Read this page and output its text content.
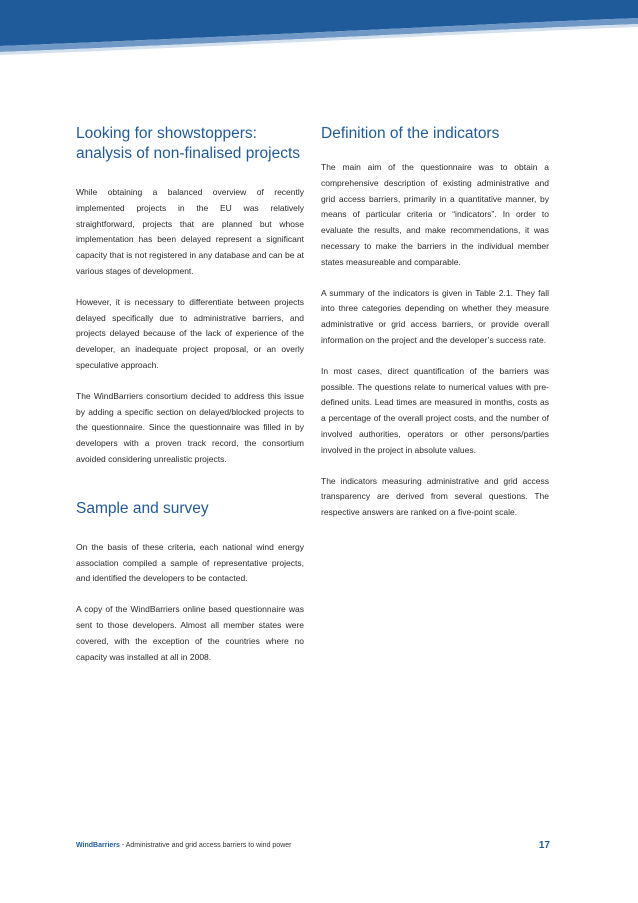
Looking for showstoppers:
analysis of non-finalised projects

While obtaining a balanced overview of recently implemented projects in the EU was relatively straightforward, projects that are planned but whose implementation has been delayed represent a significant capacity that is not registered in any database and can be at various stages of development.

However, it is necessary to differentiate between projects delayed specifically due to administrative barriers, and projects delayed because of the lack of experience of the developer, an inadequate project proposal, or an overly speculative approach.

The WindBarriers consortium decided to address this issue by adding a specific section on delayed/blocked projects to the questionnaire. Since the questionnaire was filled in by developers with a proven track record, the consortium avoided considering unrealistic projects.

Sample and survey

On the basis of these criteria, each national wind energy association compiled a sample of representative projects, and identified the developers to be contacted.

A copy of the WindBarriers online based questionnaire was sent to those developers. Almost all member states were covered, with the exception of the countries where no capacity was installed at all in 2008.

Definition of the indicators

The main aim of the questionnaire was to obtain a comprehensive description of existing administrative and grid access barriers, primarily in a quantitative manner, by means of particular criteria or “indicators”. In order to evaluate the results, and make recommendations, it was necessary to make the barriers in the individual member states measureable and comparable.

A summary of the indicators is given in Table 2.1. They fall into three categories depending on whether they measure administrative or grid access barriers, or provide overall information on the project and the developer’s success rate.

In most cases, direct quantification of the barriers was possible. The questions relate to numerical values with pre-defined units. Lead times are measured in months, costs as a percentage of the overall project costs, and the number of involved authorities, operators or other persons/parties involved in the project in absolute values.

The indicators measuring administrative and grid access transparency are derived from several questions. The respective answers are ranked on a five-point scale.

WindBarriers - Administrative and grid access barriers to wind power	17
